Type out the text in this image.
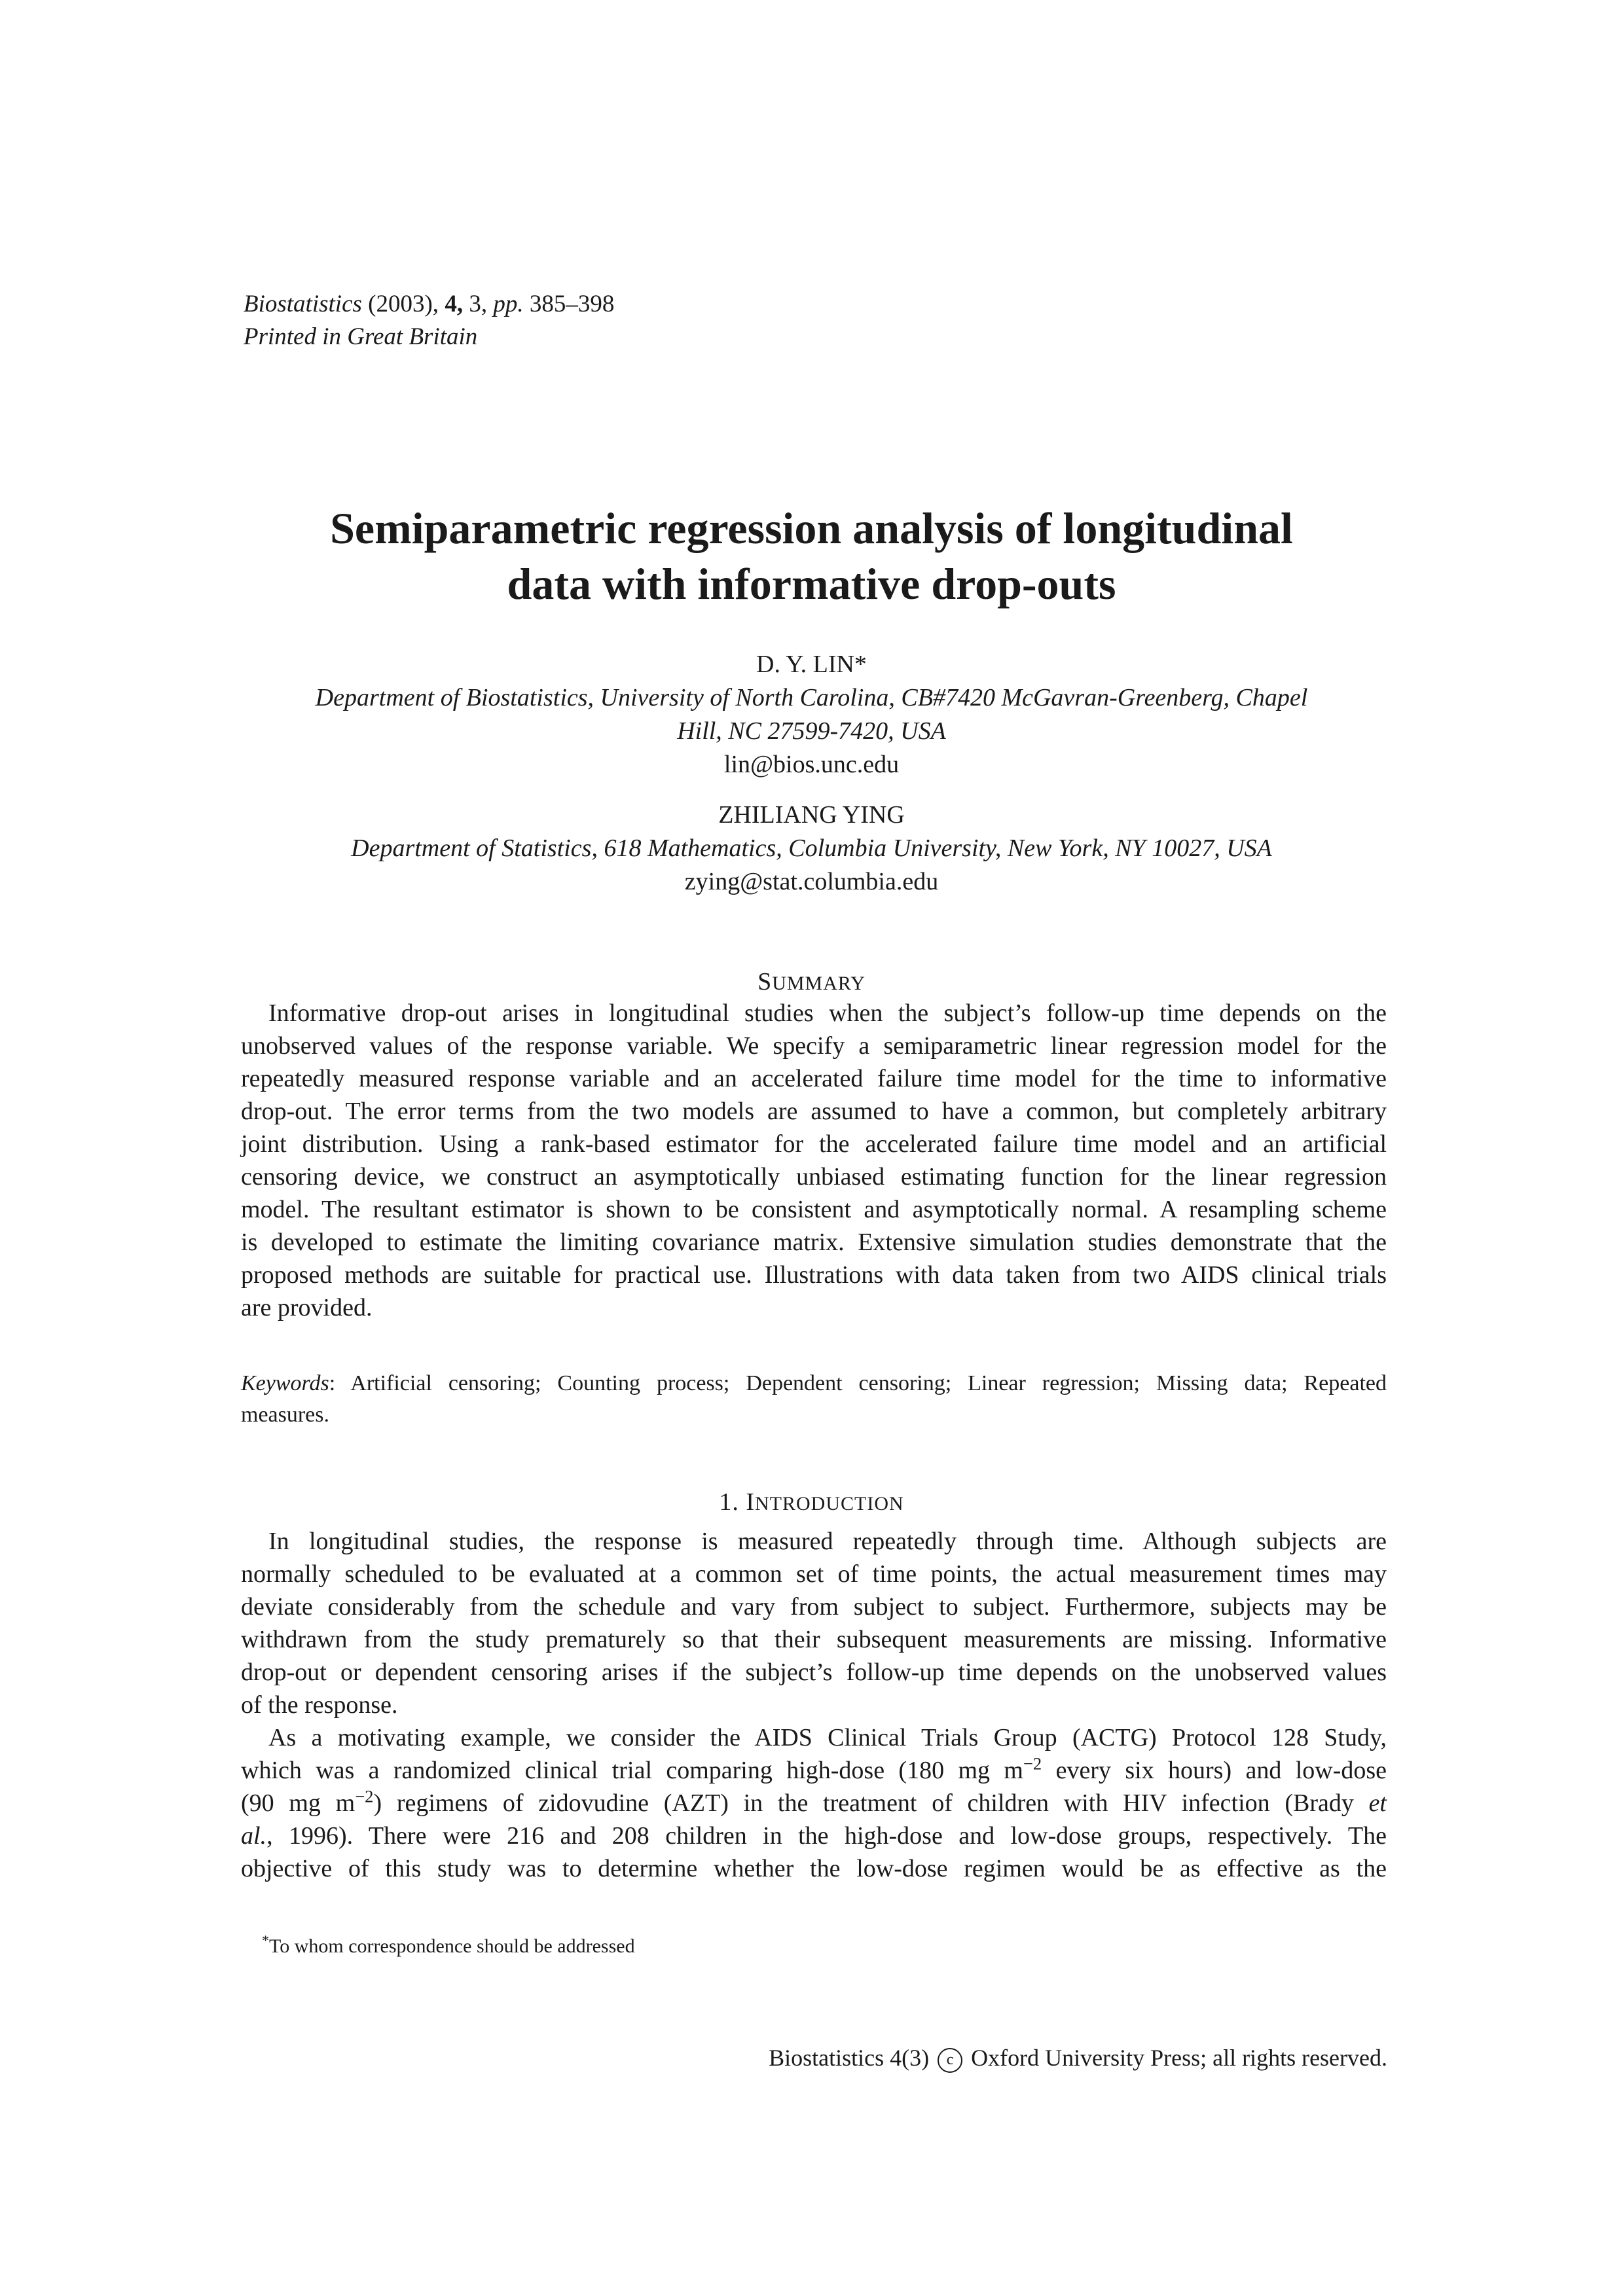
Biostatistics (2003), 4, 3, pp. 385–398
Printed in Great Britain
Semiparametric regression analysis of longitudinal
data with informative drop-outs
D. Y. LIN*
Department of Biostatistics, University of North Carolina, CB#7420 McGavran-Greenberg, Chapel
Hill, NC 27599-7420, USA
lin@bios.unc.edu
ZHILIANG YING
Department of Statistics, 618 Mathematics, Columbia University, New York, NY 10027, USA
zying@stat.columbia.edu
SUMMARY
Informative drop-out arises in longitudinal studies when the subject’s follow-up time depends on the
unobserved values of the response variable. We specify a semiparametric linear regression model for the
repeatedly measured response variable and an accelerated failure time model for the time to informative
drop-out. The error terms from the two models are assumed to have a common, but completely arbitrary
joint distribution. Using a rank-based estimator for the accelerated failure time model and an artificial
censoring device, we construct an asymptotically unbiased estimating function for the linear regression
model. The resultant estimator is shown to be consistent and asymptotically normal. A resampling scheme
is developed to estimate the limiting covariance matrix. Extensive simulation studies demonstrate that the
proposed methods are suitable for practical use. Illustrations with data taken from two AIDS clinical trials
are provided.
Keywords: Artificial censoring; Counting process; Dependent censoring; Linear regression; Missing data; Repeated
measures.
1. INTRODUCTION
In longitudinal studies, the response is measured repeatedly through time. Although subjects are
normally scheduled to be evaluated at a common set of time points, the actual measurement times may
deviate considerably from the schedule and vary from subject to subject. Furthermore, subjects may be
withdrawn from the study prematurely so that their subsequent measurements are missing. Informative
drop-out or dependent censoring arises if the subject’s follow-up time depends on the unobserved values
of the response.
As a motivating example, we consider the AIDS Clinical Trials Group (ACTG) Protocol 128 Study,
which was a randomized clinical trial comparing high-dose (180 mg $m^{-2}$ every six hours) and low-dose
(90 mg $m^{-2}$) regimens of zidovudine (AZT) in the treatment of children with HIV infection (Brady et
al., 1996). There were 216 and 208 children in the high-dose and low-dose groups, respectively. The
objective of this study was to determine whether the low-dose regimen would be as effective as the
*To whom correspondence should be addressed
Biostatistics 4(3) c Oxford University Press; all rights reserved.
